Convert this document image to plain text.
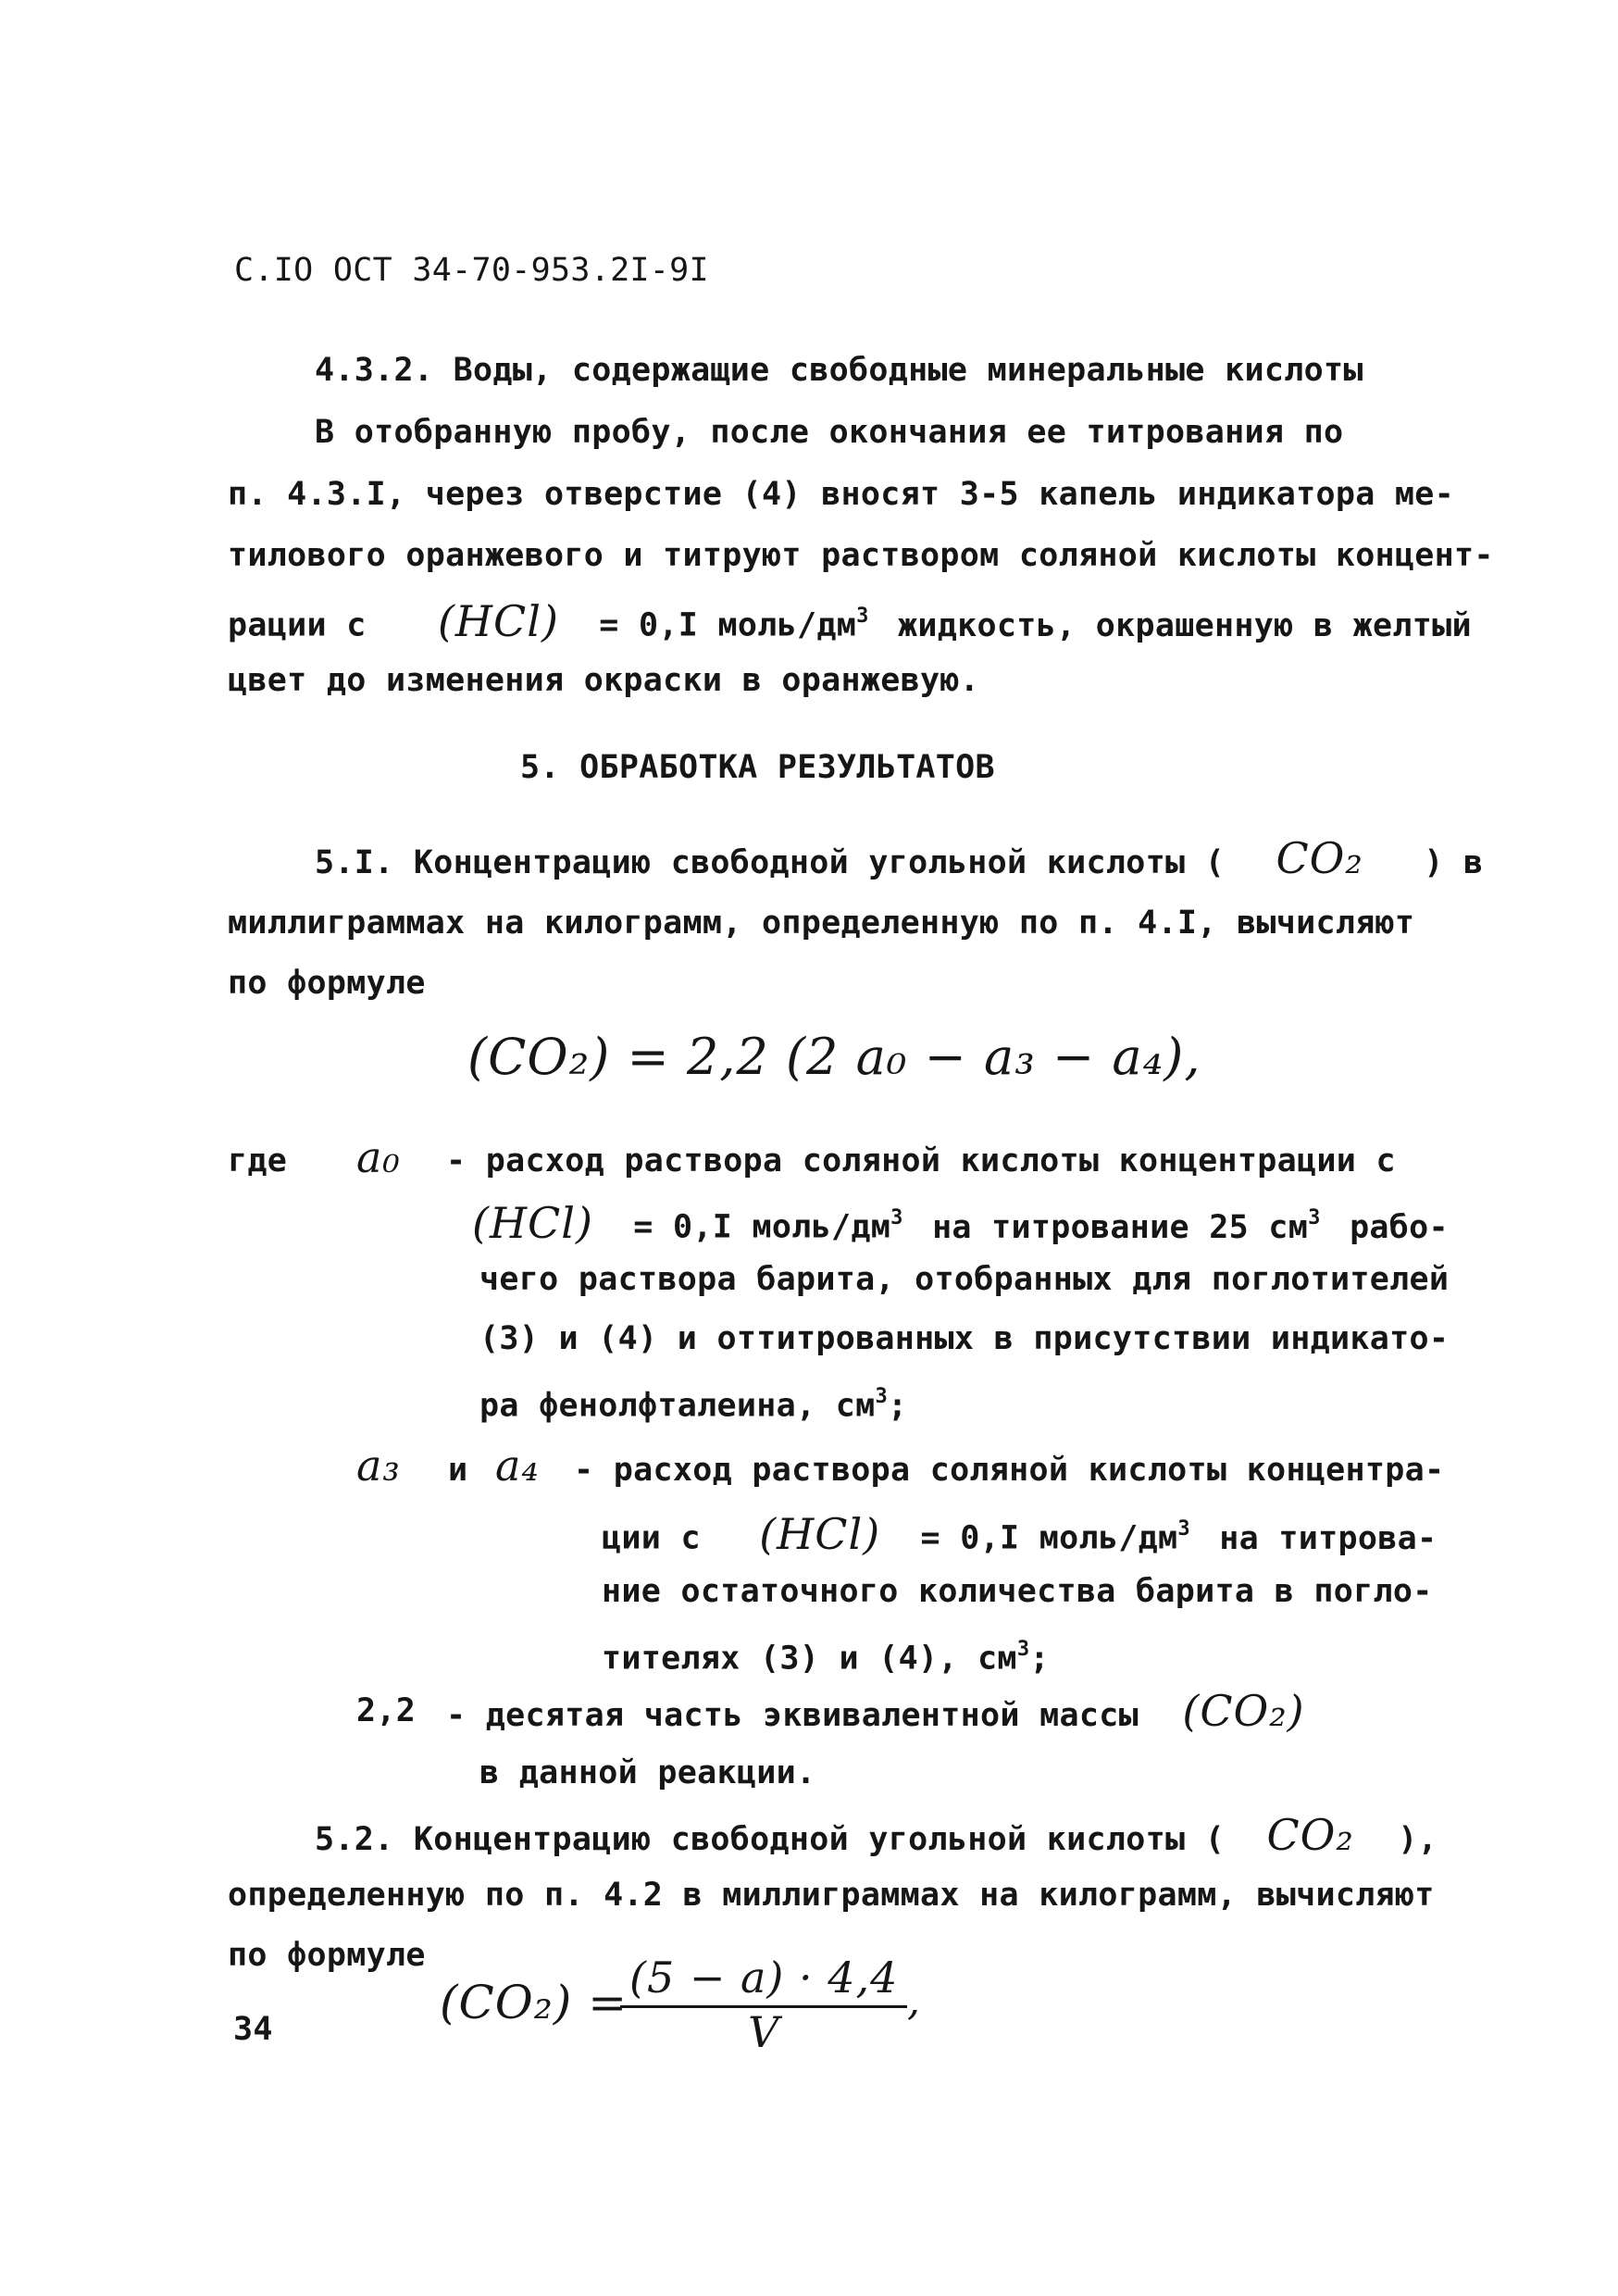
С.IO ОСТ 34-70-953.2I-9I
4.3.2. Воды, содержащие свободные минеральные кислоты
В отобранную пробу, после окончания ее титрования по
п. 4.3.I, через отверстие (4) вносят 3-5 капель индикатора ме-
тилового оранжевого и титруют раствором соляной кислоты концент-
рации с (HCl) = 0,I моль/$дм^3$ жидкость, окрашенную в желтый
цвет до изменения окраски в оранжевую.
5. ОБРАБОТКА РЕЗУЛЬТАТОВ
5.I. Концентрацию свободной угольной кислоты ( CO₂ ) в
миллиграммах на килограмм, определенную по п. 4.I, вычисляют
по формуле
(CO₂) = 2,2 (2 a₀ − a₃ − a₄),
где a₀ - расход раствора соляной кислоты концентрации с
(HCl) = 0,I моль/$дм^3$ на титрование 25 $см^3$ рабо-
чего раствора барита, отобранных для поглотителей
(3) и (4) и оттитрованных в присутствии индикато-
ра фенолфталеина, $см^3$;
a₃ и a₄ - расход раствора соляной кислоты концентра-
ции с (HCl) = 0,I моль/$дм^3$ на титрова-
ние остаточного количества барита в погло-
тителях (3) и (4), $см^3$;
2,2 - десятая часть эквивалентной массы (CO₂)
в данной реакции.
5.2. Концентрацию свободной угольной кислоты ( CO₂ ),
определенную по п. 4.2 в миллиграммах на килограмм, вычисляют
по формуле
(CO₂) =
$\frac{(5 - a) \cdot 4,4}{V}$ ,
34
